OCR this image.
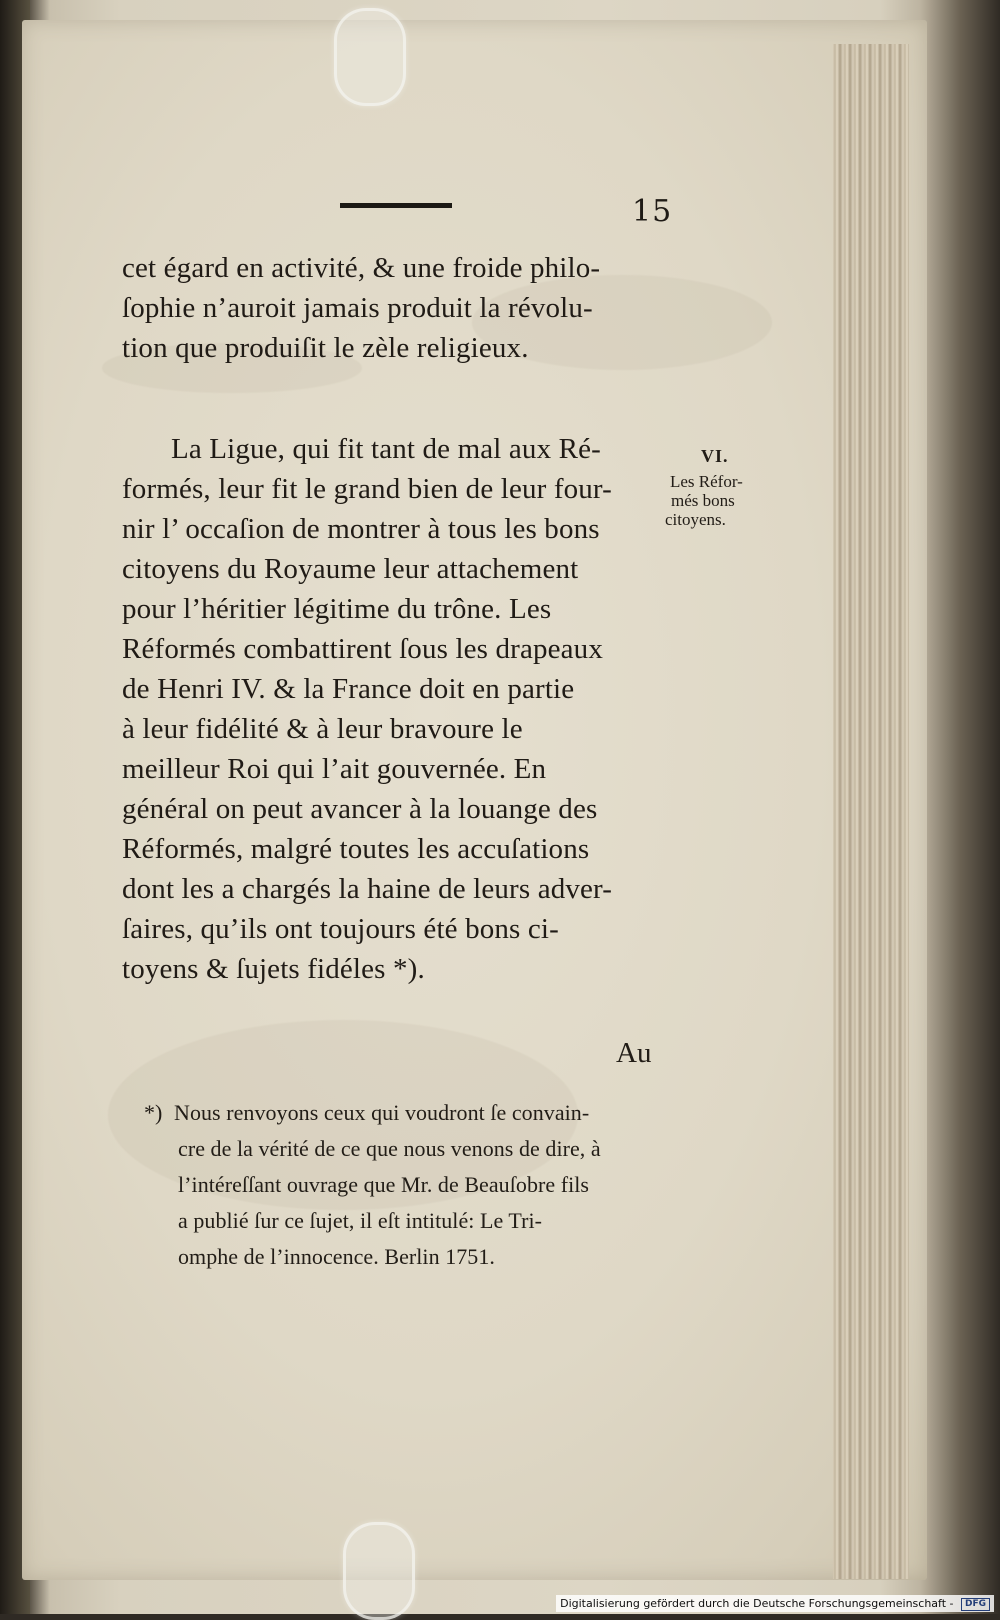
15
cet égard en activité, & une froide philo-
ſophie n’auroit jamais produit la révolu-
tion que produiſit le zèle religieux.
La Ligue, qui fit tant de mal aux Ré-
formés, leur fit le grand bien de leur four-
nir l’ occaſion de montrer à tous les bons
citoyens du Royaume leur attachement
pour l’héritier légitime du trône. Les
Réformés combattirent ſous les drapeaux
de Henri IV. & la France doit en partie
à leur fidélité & à leur bravoure le
meilleur Roi qui l’ait gouvernée. En
général on peut avancer à la louange des
Réformés, malgré toutes les accuſations
dont les a chargés la haine de leurs adver-
ſaires, qu’ils ont toujours été bons ci-
toyens & ſujets fidéles *).
VI.
Les Réfor-
més bons
citoyens.
Au
*) Nous renvoyons ceux qui voudront ſe convain-
cre de la vérité de ce que nous venons de dire, à
l’intéreſſant ouvrage que Mr. de Beauſobre fils
a publié ſur ce ſujet, il eſt intitulé: Le Tri-
omphe de l’innocence. Berlin 1751.
Digitalisierung gefördert durch die Deutsche Forschungsgemeinschaft - DFG
